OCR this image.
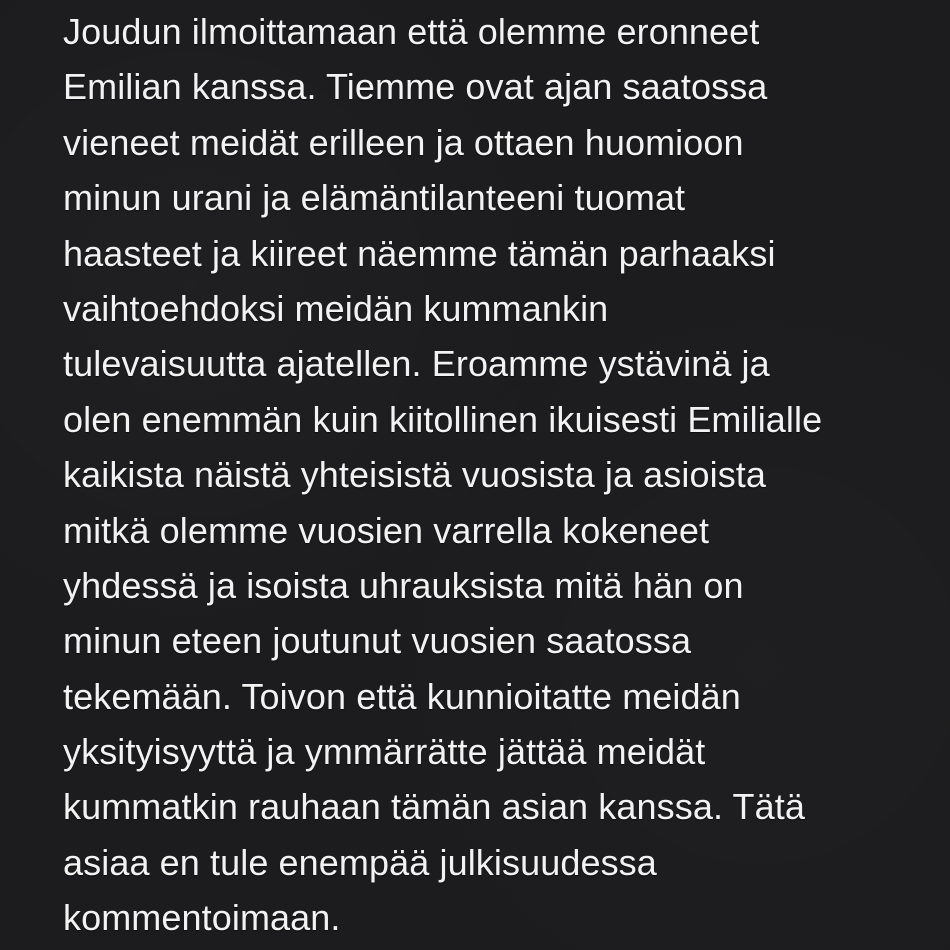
Joudun ilmoittamaan että olemme eronneet
Emilian kanssa. Tiemme ovat ajan saatossa
vieneet meidät erilleen ja ottaen huomioon
minun urani ja elämäntilanteeni tuomat
haasteet ja kiireet näemme tämän parhaaksi
vaihtoehdoksi meidän kummankin
tulevaisuutta ajatellen. Eroamme ystävinä ja
olen enemmän kuin kiitollinen ikuisesti Emilialle
kaikista näistä yhteisistä vuosista ja asioista
mitkä olemme vuosien varrella kokeneet
yhdessä ja isoista uhrauksista mitä hän on
minun eteen joutunut vuosien saatossa
tekemään. Toivon että kunnioitatte meidän
yksityisyyttä ja ymmärrätte jättää meidät
kummatkin rauhaan tämän asian kanssa. Tätä
asiaa en tule enempää julkisuudessa
kommentoimaan.
